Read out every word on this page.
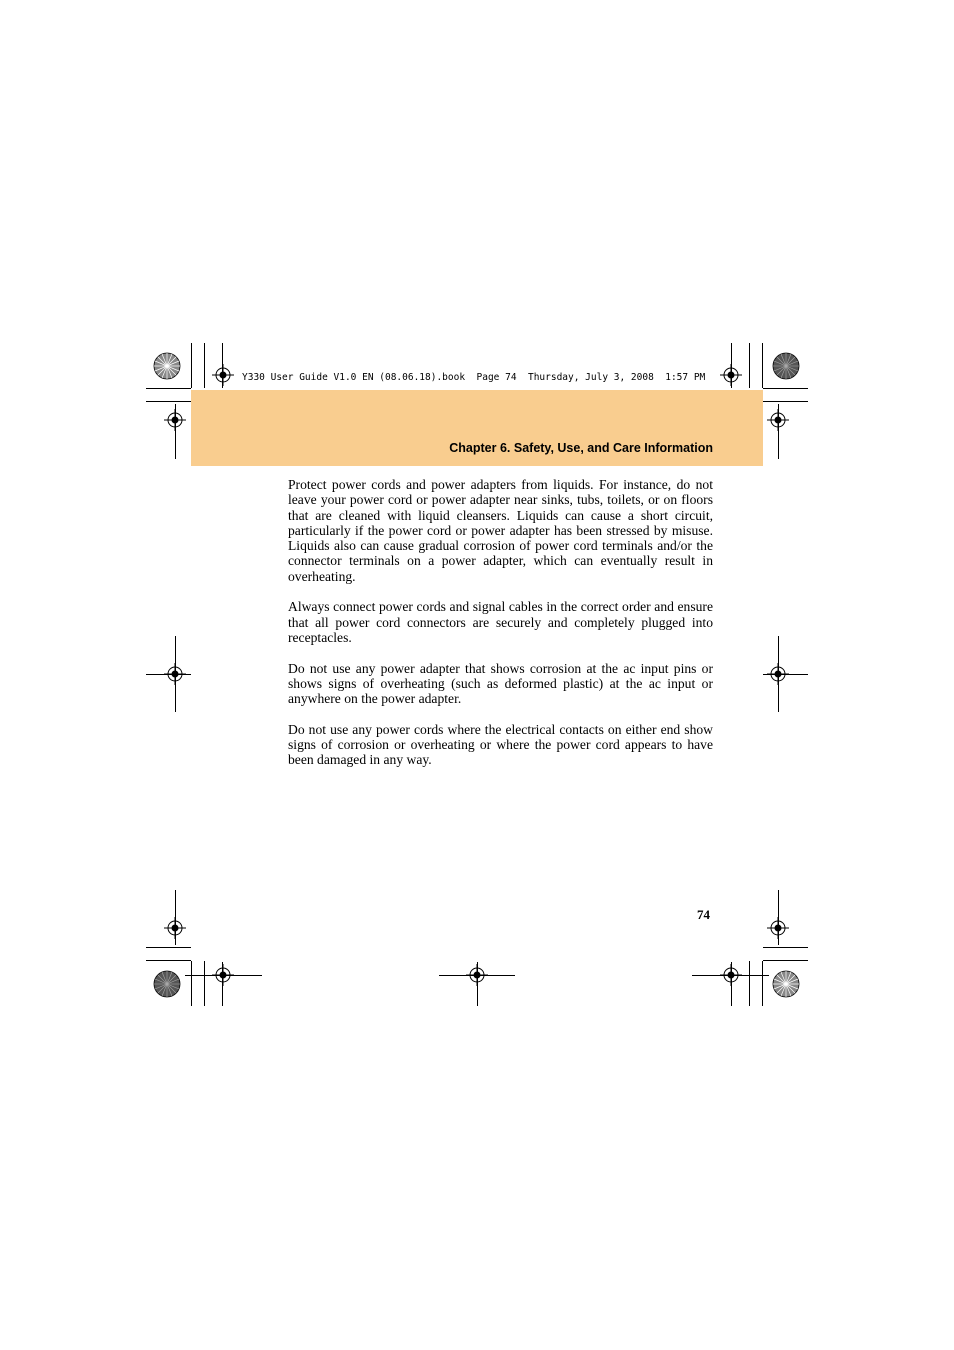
Y330 User Guide V1.0 EN (08.06.18).book  Page 74  Thursday, July 3, 2008  1:57 PM
Chapter 6. Safety, Use, and Care Information

Protect power cords and power adapters from liquids. For instance, do not leave your power cord or power adapter near sinks, tubs, toilets, or on floors that are cleaned with liquid cleansers. Liquids can cause a short circuit, particularly if the power cord or power adapter has been stressed by misuse. Liquids also can cause gradual corrosion of power cord terminals and/or the connector terminals on a power adapter, which can eventually result in overheating.

Always connect power cords and signal cables in the correct order and ensure that all power cord connectors are securely and completely plugged into receptacles.

Do not use any power adapter that shows corrosion at the ac input pins or shows signs of overheating (such as deformed plastic) at the ac input or anywhere on the power adapter.

Do not use any power cords where the electrical contacts on either end show signs of corrosion or overheating or where the power cord appears to have been damaged in any way.

74
